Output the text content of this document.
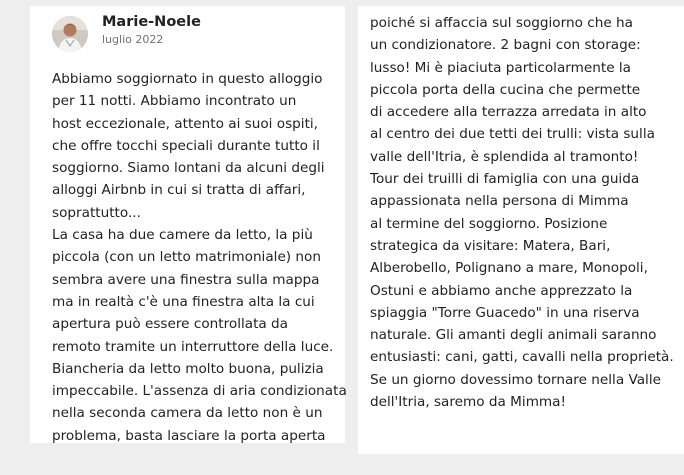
Marie-Noele
luglio 2022
Abbiamo soggiornato in questo alloggio
per 11 notti. Abbiamo incontrato un
host eccezionale, attento ai suoi ospiti,
che offre tocchi speciali durante tutto il
soggiorno. Siamo lontani da alcuni degli
alloggi Airbnb in cui si tratta di affari,
soprattutto...
La casa ha due camere da letto, la più
piccola (con un letto matrimoniale) non
sembra avere una finestra sulla mappa
ma in realtà c'è una finestra alta la cui
apertura può essere controllata da
remoto tramite un interruttore della luce.
Biancheria da letto molto buona, pulizia
impeccabile. L'assenza di aria condizionata
nella seconda camera da letto non è un
problema, basta lasciare la porta aperta
poiché si affaccia sul soggiorno che ha
un condizionatore. 2 bagni con storage:
lusso! Mi è piaciuta particolarmente la
piccola porta della cucina che permette
di accedere alla terrazza arredata in alto
al centro dei due tetti dei trulli: vista sulla
valle dell'Itria, è splendida al tramonto!
Tour dei truilli di famiglia con una guida
appassionata nella persona di Mimma
al termine del soggiorno. Posizione
strategica da visitare: Matera, Bari,
Alberobello, Polignano a mare, Monopoli,
Ostuni e abbiamo anche apprezzato la
spiaggia "Torre Guacedo" in una riserva
naturale. Gli amanti degli animali saranno
entusiasti: cani, gatti, cavalli nella proprietà.
Se un giorno dovessimo tornare nella Valle
dell'Itria, saremo da Mimma!
